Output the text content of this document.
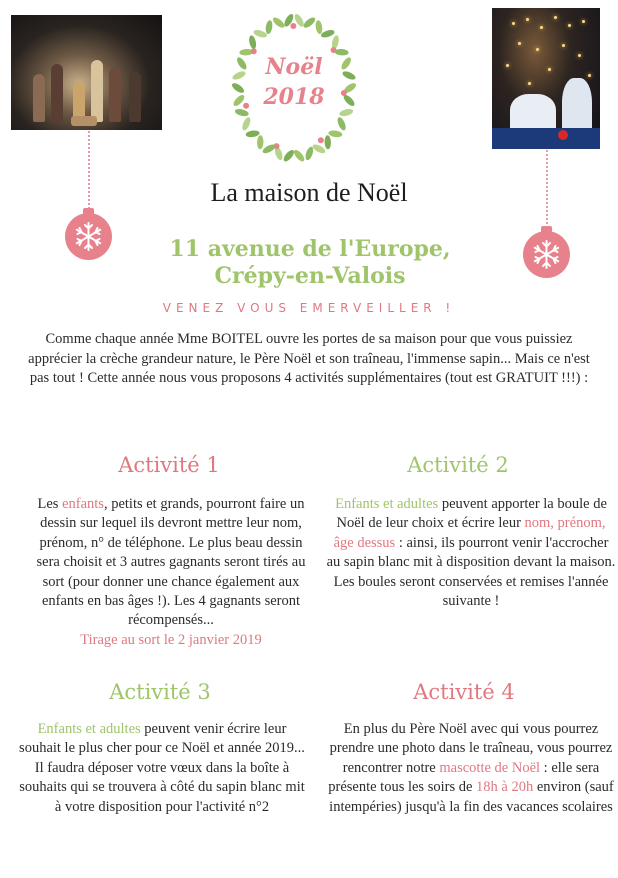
Noël
2018
La maison de Noël
11 avenue de l'Europe,
Crépy-en-Valois
VENEZ VOUS EMERVEILLER !
Comme chaque année Mme BOITEL ouvre les portes de sa maison pour que vous puissiez apprécier la crèche grandeur nature, le Père Noël et son traîneau, l'immense sapin... Mais ce n'est pas tout ! Cette année nous vous proposons 4 activités supplémentaires (tout est GRATUIT !!!) :
Activité 1
Les enfants, petits et grands, pourront faire un dessin sur lequel ils devront mettre leur nom, prénom, n° de téléphone. Le plus beau dessin sera choisit et 3 autres gagnants seront tirés au sort (pour donner une chance également aux enfants en bas âges !). Les 4 gagnants seront récompensés...
Tirage au sort le 2 janvier 2019
Activité 2
Enfants et adultes peuvent apporter la boule de Noël de leur choix et écrire leur nom, prénom, âge dessus : ainsi, ils pourront venir l'accrocher au sapin blanc mit à disposition devant la maison. Les boules seront conservées et remises l'année suivante !
Activité 3
Enfants et adultes peuvent venir écrire leur souhait le plus cher pour ce Noël et année 2019... Il faudra déposer votre vœux dans la boîte à souhaits qui se trouvera à côté du sapin blanc mit à votre disposition pour l'activité n°2
Activité 4
En plus du Père Noël avec qui vous pourrez prendre une photo dans le traîneau, vous pourrez rencontrer notre mascotte de Noël : elle sera présente tous les soirs de 18h à 20h environ (sauf intempéries) jusqu'à la fin des vacances scolaires
